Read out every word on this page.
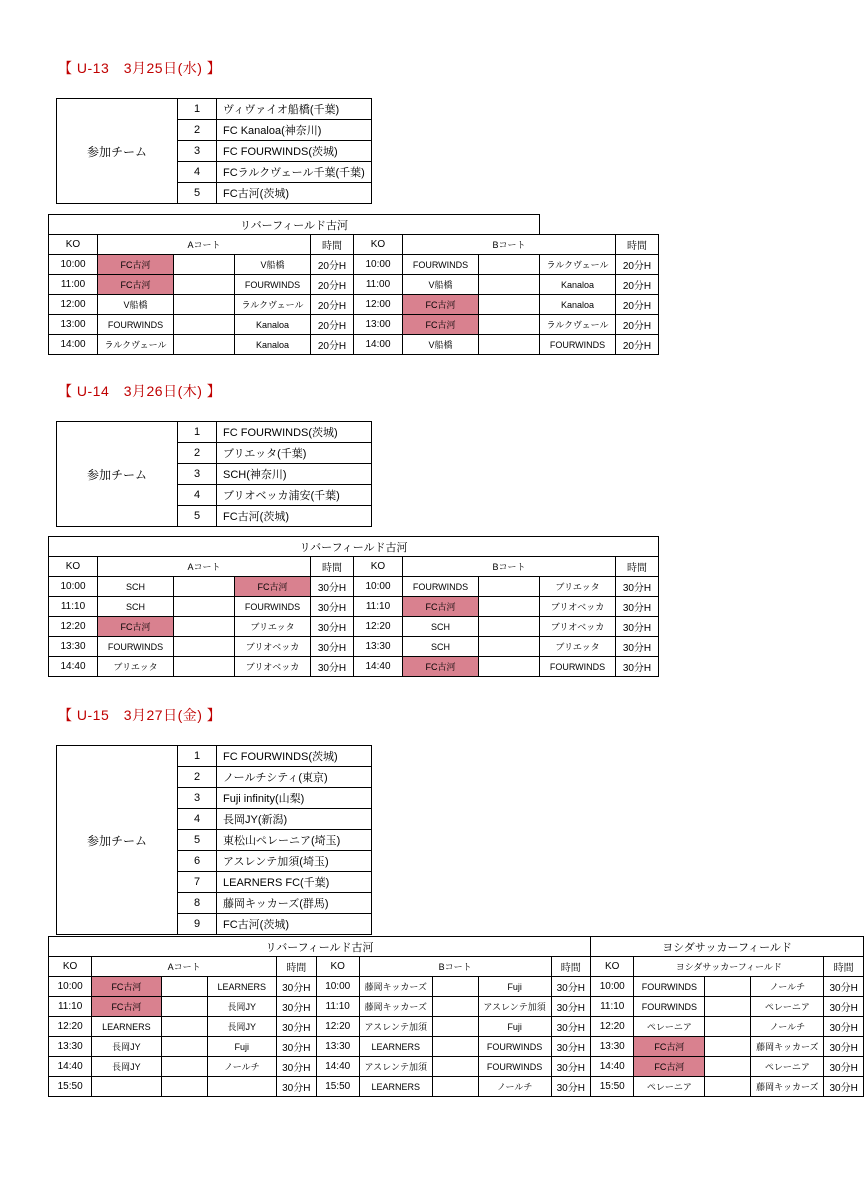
【 U-13　3月25日(水) 】
参加チーム	1	ヴィヴァイオ船橋(千葉)
	2	FC Kanaloa(神奈川)
	3	FC FOURWINDS(茨城)
	4	FCラルクヴェール千葉(千葉)
	5	FC古河(茨城)
リバーフィールド古河									
KO	Aコート			時間	KO	Bコート			時間
10:00	FC古河		V船橋	20分H	10:00	FOURWINDS		ラルクヴェール	20分H
11:00	FC古河		FOURWINDS	20分H	11:00	V船橋		Kanaloa	20分H
12:00	V船橋		ラルクヴェール	20分H	12:00	FC古河		Kanaloa	20分H
13:00	FOURWINDS		Kanaloa	20分H	13:00	FC古河		ラルクヴェール	20分H
14:00	ラルクヴェール		Kanaloa	20分H	14:00	V船橋		FOURWINDS	20分H
【 U-14　3月26日(木) 】
参加チーム	1	FC FOURWINDS(茨城)
	2	ブリエッタ(千葉)
	3	SCH(神奈川)
	4	ブリオベッカ浦安(千葉)
	5	FC古河(茨城)
リバーフィールド古河									
KO	Aコート			時間	KO	Bコート			時間
10:00	SCH		FC古河	30分H	10:00	FOURWINDS		ブリエッタ	30分H
11:10	SCH		FOURWINDS	30分H	11:10	FC古河		ブリオベッカ	30分H
12:20	FC古河		ブリエッタ	30分H	12:20	SCH		ブリオベッカ	30分H
13:30	FOURWINDS		ブリオベッカ	30分H	13:30	SCH		ブリエッタ	30分H
14:40	ブリエッタ		ブリオベッカ	30分H	14:40	FC古河		FOURWINDS	30分H
【 U-15　3月27日(金) 】
参加チーム	1	FC FOURWINDS(茨城)
	2	ノールチシティ(東京)
	3	Fuji infinity(山梨)
	4	長岡JY(新潟)
	5	東松山ペレーニア(埼玉)
	6	アスレンテ加須(埼玉)
	7	LEARNERS FC(千葉)
	8	藤岡キッカーズ(群馬)
	9	FC古河(茨城)
リバーフィールド古河										ヨシダサッカーフィールド				
KO	Aコート			時間	KO	Bコート			時間	KO	ヨシダサッカーフィールド			時間
10:00	FC古河		LEARNERS	30分H	10:00	藤岡キッカーズ		Fuji	30分H	10:00	FOURWINDS		ノールチ	30分H
11:10	FC古河		長岡JY	30分H	11:10	藤岡キッカーズ		アスレンテ加須	30分H	11:10	FOURWINDS		ペレーニア	30分H
12:20	LEARNERS		長岡JY	30分H	12:20	アスレンテ加須		Fuji	30分H	12:20	ペレーニア		ノールチ	30分H
13:30	長岡JY		Fuji	30分H	13:30	LEARNERS		FOURWINDS	30分H	13:30	FC古河		藤岡キッカーズ	30分H
14:40	長岡JY		ノールチ	30分H	14:40	アスレンテ加須		FOURWINDS	30分H	14:40	FC古河		ペレーニア	30分H
15:50				30分H	15:50	LEARNERS		ノールチ	30分H	15:50	ペレーニア		藤岡キッカーズ	30分H
